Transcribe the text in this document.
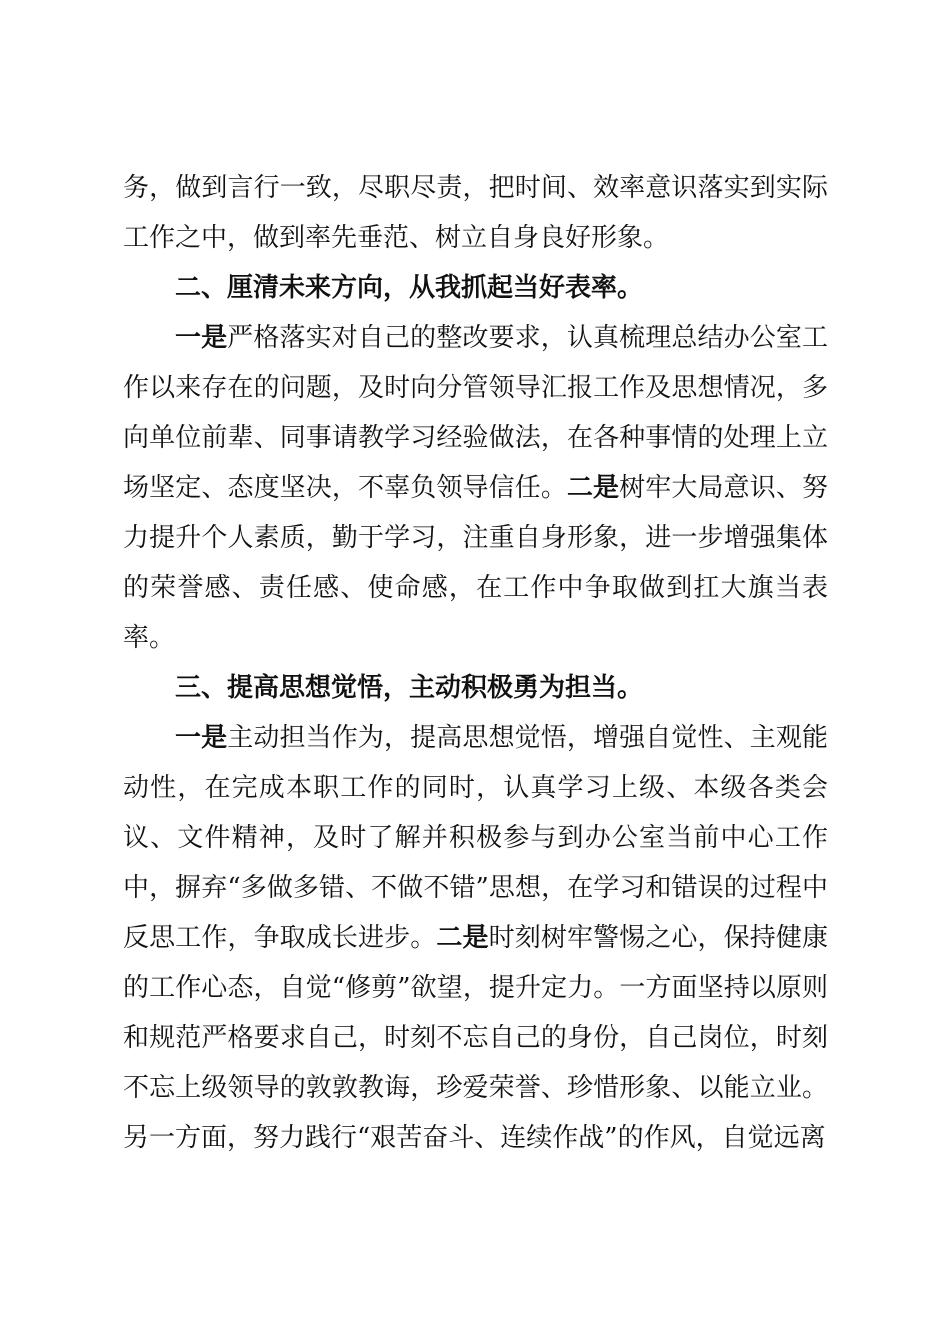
务，做到言行一致，尽职尽责，把时间、效率意识落实到实际工作之中，做到率先垂范、树立自身良好形象。

二、厘清未来方向，从我抓起当好表率。

一是严格落实对自己的整改要求，认真梳理总结办公室工作以来存在的问题，及时向分管领导汇报工作及思想情况，多向单位前辈、同事请教学习经验做法，在各种事情的处理上立场坚定、态度坚决，不辜负领导信任。二是树牢大局意识、努力提升个人素质，勤于学习，注重自身形象，进一步增强集体的荣誉感、责任感、使命感，在工作中争取做到扛大旗当表率。

三、提高思想觉悟，主动积极勇为担当。

一是主动担当作为，提高思想觉悟，增强自觉性、主观能动性，在完成本职工作的同时，认真学习上级、本级各类会议、文件精神，及时了解并积极参与到办公室当前中心工作中，摒弃“多做多错、不做不错”思想，在学习和错误的过程中反思工作，争取成长进步。二是时刻树牢警惕之心，保持健康的工作心态，自觉“修剪”欲望，提升定力。一方面坚持以原则和规范严格要求自己，时刻不忘自己的身份，自己岗位，时刻不忘上级领导的敦敦教诲，珍爱荣誉、珍惜形象、以能立业。另一方面，努力践行“艰苦奋斗、连续作战”的作风，自觉远离
